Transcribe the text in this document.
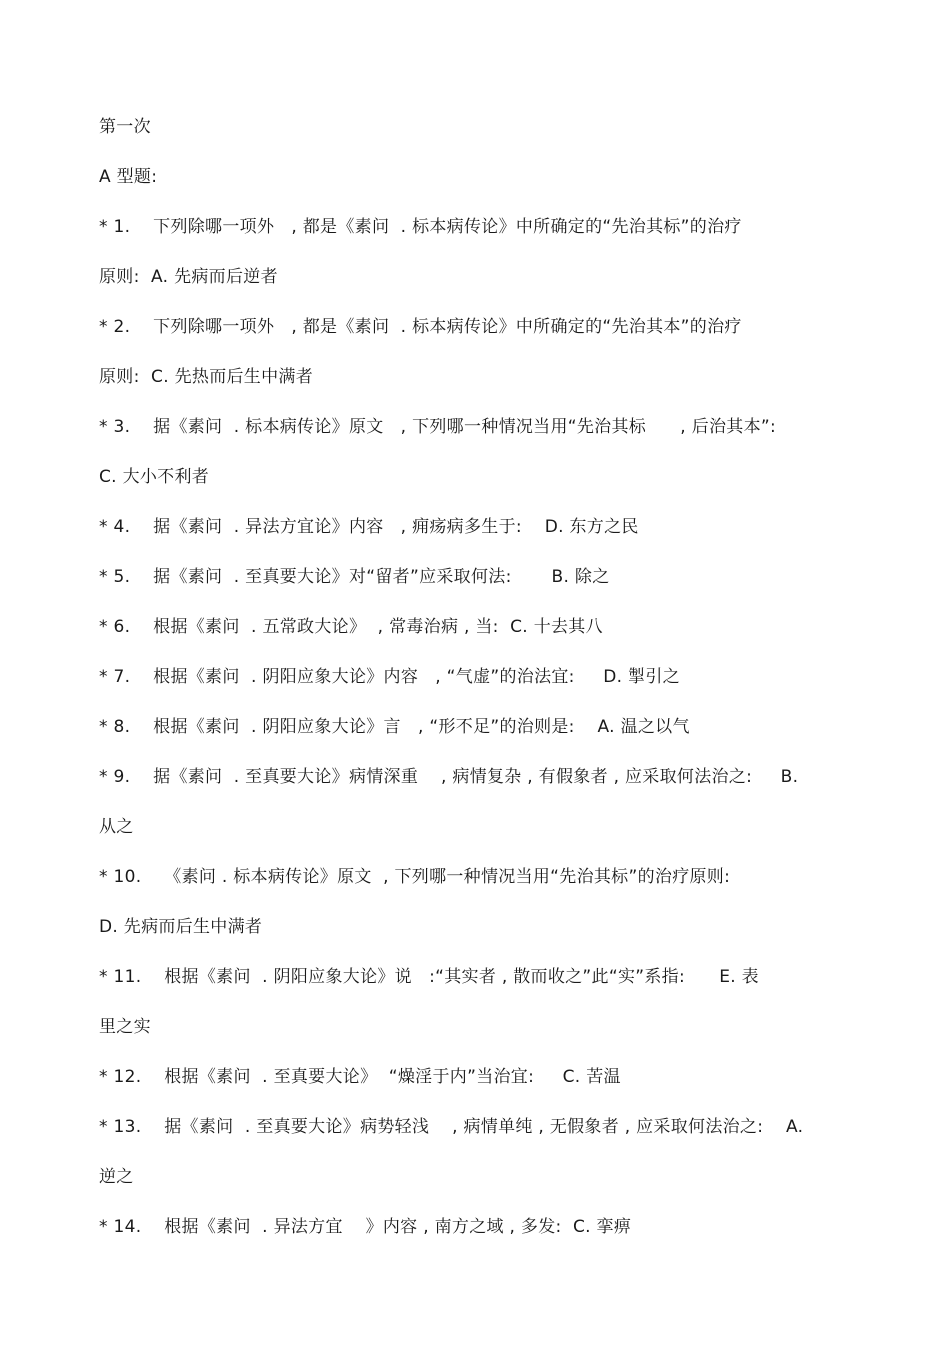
第一次
A 型题:
* 1.    下列除哪一项外   , 都是《素问  . 标本病传论》中所确定的“先治其标”的治疗
原则:  A. 先病而后逆者
* 2.    下列除哪一项外   , 都是《素问  . 标本病传论》中所确定的“先治其本”的治疗
原则:  C. 先热而后生中满者
* 3.    据《素问  . 标本病传论》原文   , 下列哪一种情况当用“先治其标      , 后治其本”:
C. 大小不利者
* 4.    据《素问  . 异法方宜论》内容   , 痈疡病多生于:    D. 东方之民
* 5.    据《素问  . 至真要大论》对“留者”应采取何法:       B. 除之
* 6.    根据《素问  . 五常政大论》  , 常毒治病 , 当:  C. 十去其八
* 7.    根据《素问  . 阴阳应象大论》内容   , “气虚”的治法宜:     D. 掣引之
* 8.    根据《素问  . 阴阳应象大论》言   , “形不足”的治则是:    A. 温之以气
* 9.    据《素问  . 至真要大论》病情深重    , 病情复杂 , 有假象者 , 应采取何法治之:     B.
从之
* 10.    《素问 . 标本病传论》原文  , 下列哪一种情况当用“先治其标”的治疗原则:
D. 先病而后生中满者
* 11.    根据《素问  . 阴阳应象大论》说   :“其实者 , 散而收之”此“实”系指:      E. 表
里之实
* 12.    根据《素问  . 至真要大论》  “燥淫于内”当治宜:     C. 苦温
* 13.    据《素问  . 至真要大论》病势轻浅    , 病情单纯 , 无假象者 , 应采取何法治之:    A.
逆之
* 14.    根据《素问  . 异法方宜    》内容 , 南方之域 , 多发:  C. 挛痹
